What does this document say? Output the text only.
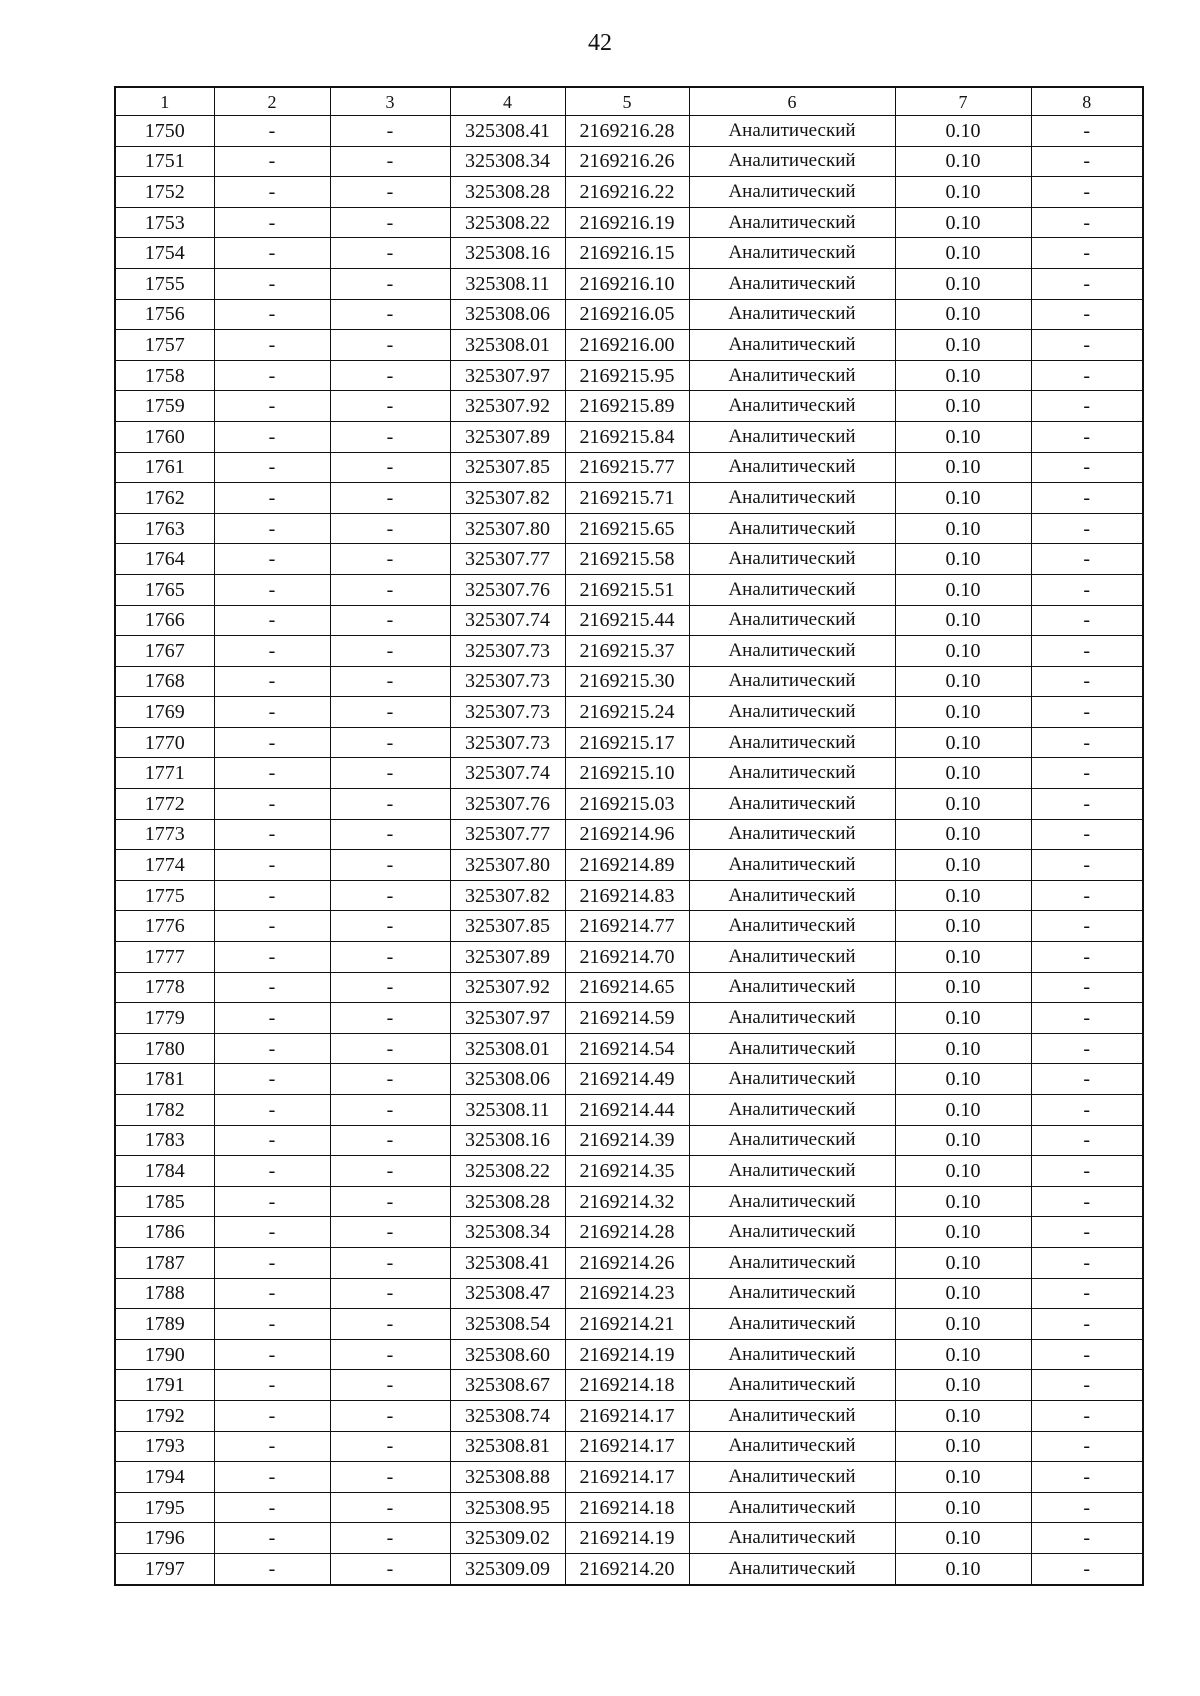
42
1	2	3	4	5	6	7	8
1750	-	-	325308.41	2169216.28	Аналитический	0.10	-
1751	-	-	325308.34	2169216.26	Аналитический	0.10	-
1752	-	-	325308.28	2169216.22	Аналитический	0.10	-
1753	-	-	325308.22	2169216.19	Аналитический	0.10	-
1754	-	-	325308.16	2169216.15	Аналитический	0.10	-
1755	-	-	325308.11	2169216.10	Аналитический	0.10	-
1756	-	-	325308.06	2169216.05	Аналитический	0.10	-
1757	-	-	325308.01	2169216.00	Аналитический	0.10	-
1758	-	-	325307.97	2169215.95	Аналитический	0.10	-
1759	-	-	325307.92	2169215.89	Аналитический	0.10	-
1760	-	-	325307.89	2169215.84	Аналитический	0.10	-
1761	-	-	325307.85	2169215.77	Аналитический	0.10	-
1762	-	-	325307.82	2169215.71	Аналитический	0.10	-
1763	-	-	325307.80	2169215.65	Аналитический	0.10	-
1764	-	-	325307.77	2169215.58	Аналитический	0.10	-
1765	-	-	325307.76	2169215.51	Аналитический	0.10	-
1766	-	-	325307.74	2169215.44	Аналитический	0.10	-
1767	-	-	325307.73	2169215.37	Аналитический	0.10	-
1768	-	-	325307.73	2169215.30	Аналитический	0.10	-
1769	-	-	325307.73	2169215.24	Аналитический	0.10	-
1770	-	-	325307.73	2169215.17	Аналитический	0.10	-
1771	-	-	325307.74	2169215.10	Аналитический	0.10	-
1772	-	-	325307.76	2169215.03	Аналитический	0.10	-
1773	-	-	325307.77	2169214.96	Аналитический	0.10	-
1774	-	-	325307.80	2169214.89	Аналитический	0.10	-
1775	-	-	325307.82	2169214.83	Аналитический	0.10	-
1776	-	-	325307.85	2169214.77	Аналитический	0.10	-
1777	-	-	325307.89	2169214.70	Аналитический	0.10	-
1778	-	-	325307.92	2169214.65	Аналитический	0.10	-
1779	-	-	325307.97	2169214.59	Аналитический	0.10	-
1780	-	-	325308.01	2169214.54	Аналитический	0.10	-
1781	-	-	325308.06	2169214.49	Аналитический	0.10	-
1782	-	-	325308.11	2169214.44	Аналитический	0.10	-
1783	-	-	325308.16	2169214.39	Аналитический	0.10	-
1784	-	-	325308.22	2169214.35	Аналитический	0.10	-
1785	-	-	325308.28	2169214.32	Аналитический	0.10	-
1786	-	-	325308.34	2169214.28	Аналитический	0.10	-
1787	-	-	325308.41	2169214.26	Аналитический	0.10	-
1788	-	-	325308.47	2169214.23	Аналитический	0.10	-
1789	-	-	325308.54	2169214.21	Аналитический	0.10	-
1790	-	-	325308.60	2169214.19	Аналитический	0.10	-
1791	-	-	325308.67	2169214.18	Аналитический	0.10	-
1792	-	-	325308.74	2169214.17	Аналитический	0.10	-
1793	-	-	325308.81	2169214.17	Аналитический	0.10	-
1794	-	-	325308.88	2169214.17	Аналитический	0.10	-
1795	-	-	325308.95	2169214.18	Аналитический	0.10	-
1796	-	-	325309.02	2169214.19	Аналитический	0.10	-
1797	-	-	325309.09	2169214.20	Аналитический	0.10	-
